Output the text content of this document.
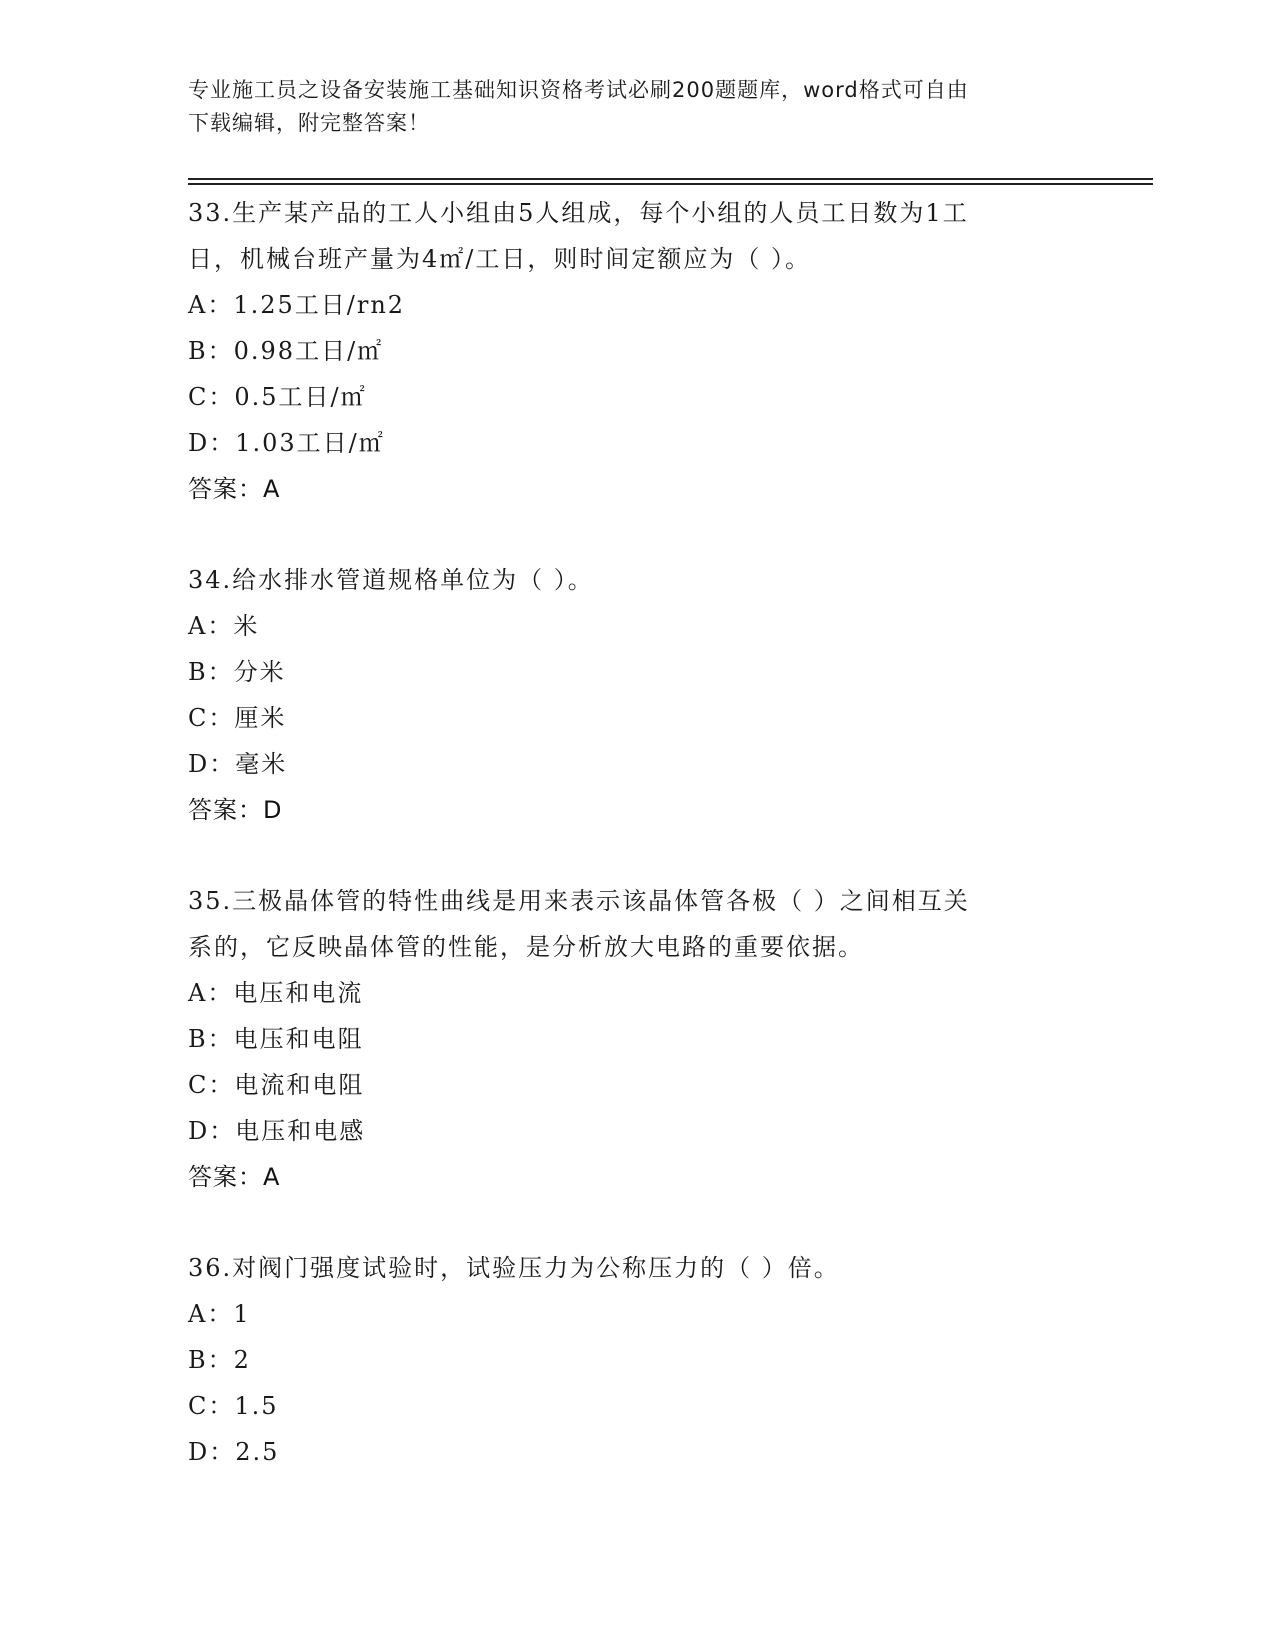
专业施工员之设备安装施工基础知识资格考试必刷200题题库，word格式可自由
下载编辑，附完整答案！

33.生产某产品的工人小组由5人组成，每个小组的人员工日数为1工

日，机械台班产量为4㎡/工日，则时间定额应为（ ）。

A：1.25工日/rn2

B：0.98工日/㎡

C：0.5工日/㎡

D：1.03工日/㎡

答案：A

34.给水排水管道规格单位为（ ）。

A：米

B：分米

C：厘米

D：毫米

答案：D

35.三极晶体管的特性曲线是用来表示该晶体管各极（ ）之间相互关

系的，它反映晶体管的性能，是分析放大电路的重要依据。

A：电压和电流

B：电压和电阻

C：电流和电阻

D：电压和电感

答案：A

36.对阀门强度试验时，试验压力为公称压力的（ ）倍。

A：1

B：2

C：1.5

D：2.5
